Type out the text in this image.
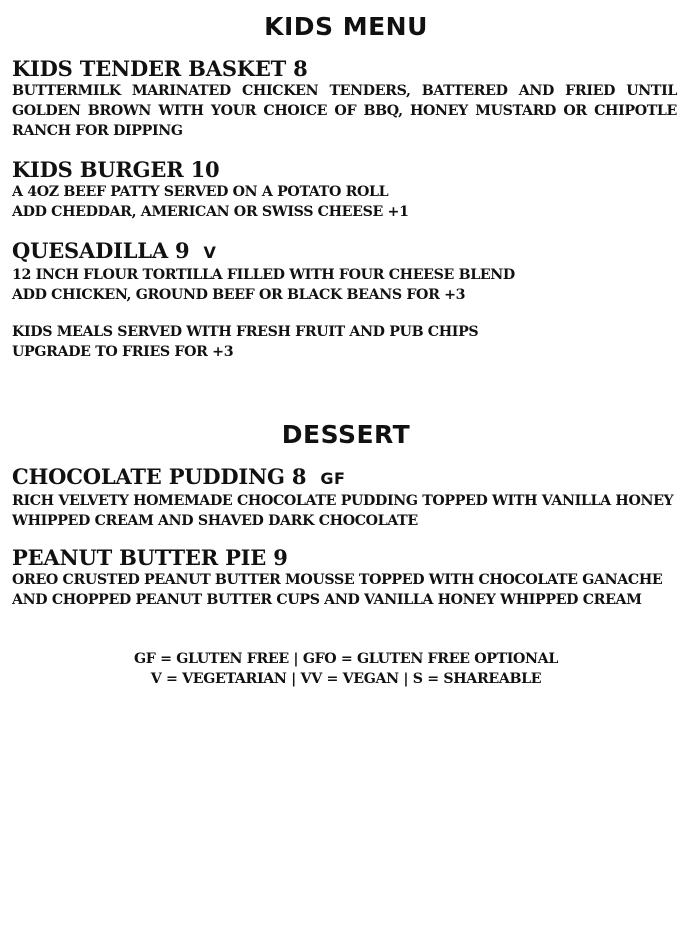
KIDS MENU
KIDS TENDER BASKET 8

BUTTERMILK MARINATED CHICKEN TENDERS, BATTERED AND FRIED UNTIL GOLDEN BROWN WITH YOUR CHOICE OF BBQ, HONEY MUSTARD OR CHIPOTLE RANCH FOR DIPPING

KIDS BURGER 10

A 4OZ BEEF PATTY SERVED ON A POTATO ROLL
ADD CHEDDAR, AMERICAN OR SWISS CHEESE +1

QUESADILLA 9 V

12 INCH FLOUR TORTILLA FILLED WITH FOUR CHEESE BLEND
ADD CHICKEN, GROUND BEEF OR BLACK BEANS FOR +3

KIDS MEALS SERVED WITH FRESH FRUIT AND PUB CHIPS
UPGRADE TO FRIES FOR +3

DESSERT
CHOCOLATE PUDDING 8 GF

RICH VELVETY HOMEMADE CHOCOLATE PUDDING TOPPED WITH VANILLA HONEY
WHIPPED CREAM AND SHAVED DARK CHOCOLATE

PEANUT BUTTER PIE 9

OREO CRUSTED PEANUT BUTTER MOUSSE TOPPED WITH CHOCOLATE GANACHE
AND CHOPPED PEANUT BUTTER CUPS AND VANILLA HONEY WHIPPED CREAM

GF = GLUTEN FREE | GFO = GLUTEN FREE OPTIONAL
V = VEGETARIAN | VV = VEGAN | S = SHAREABLE
